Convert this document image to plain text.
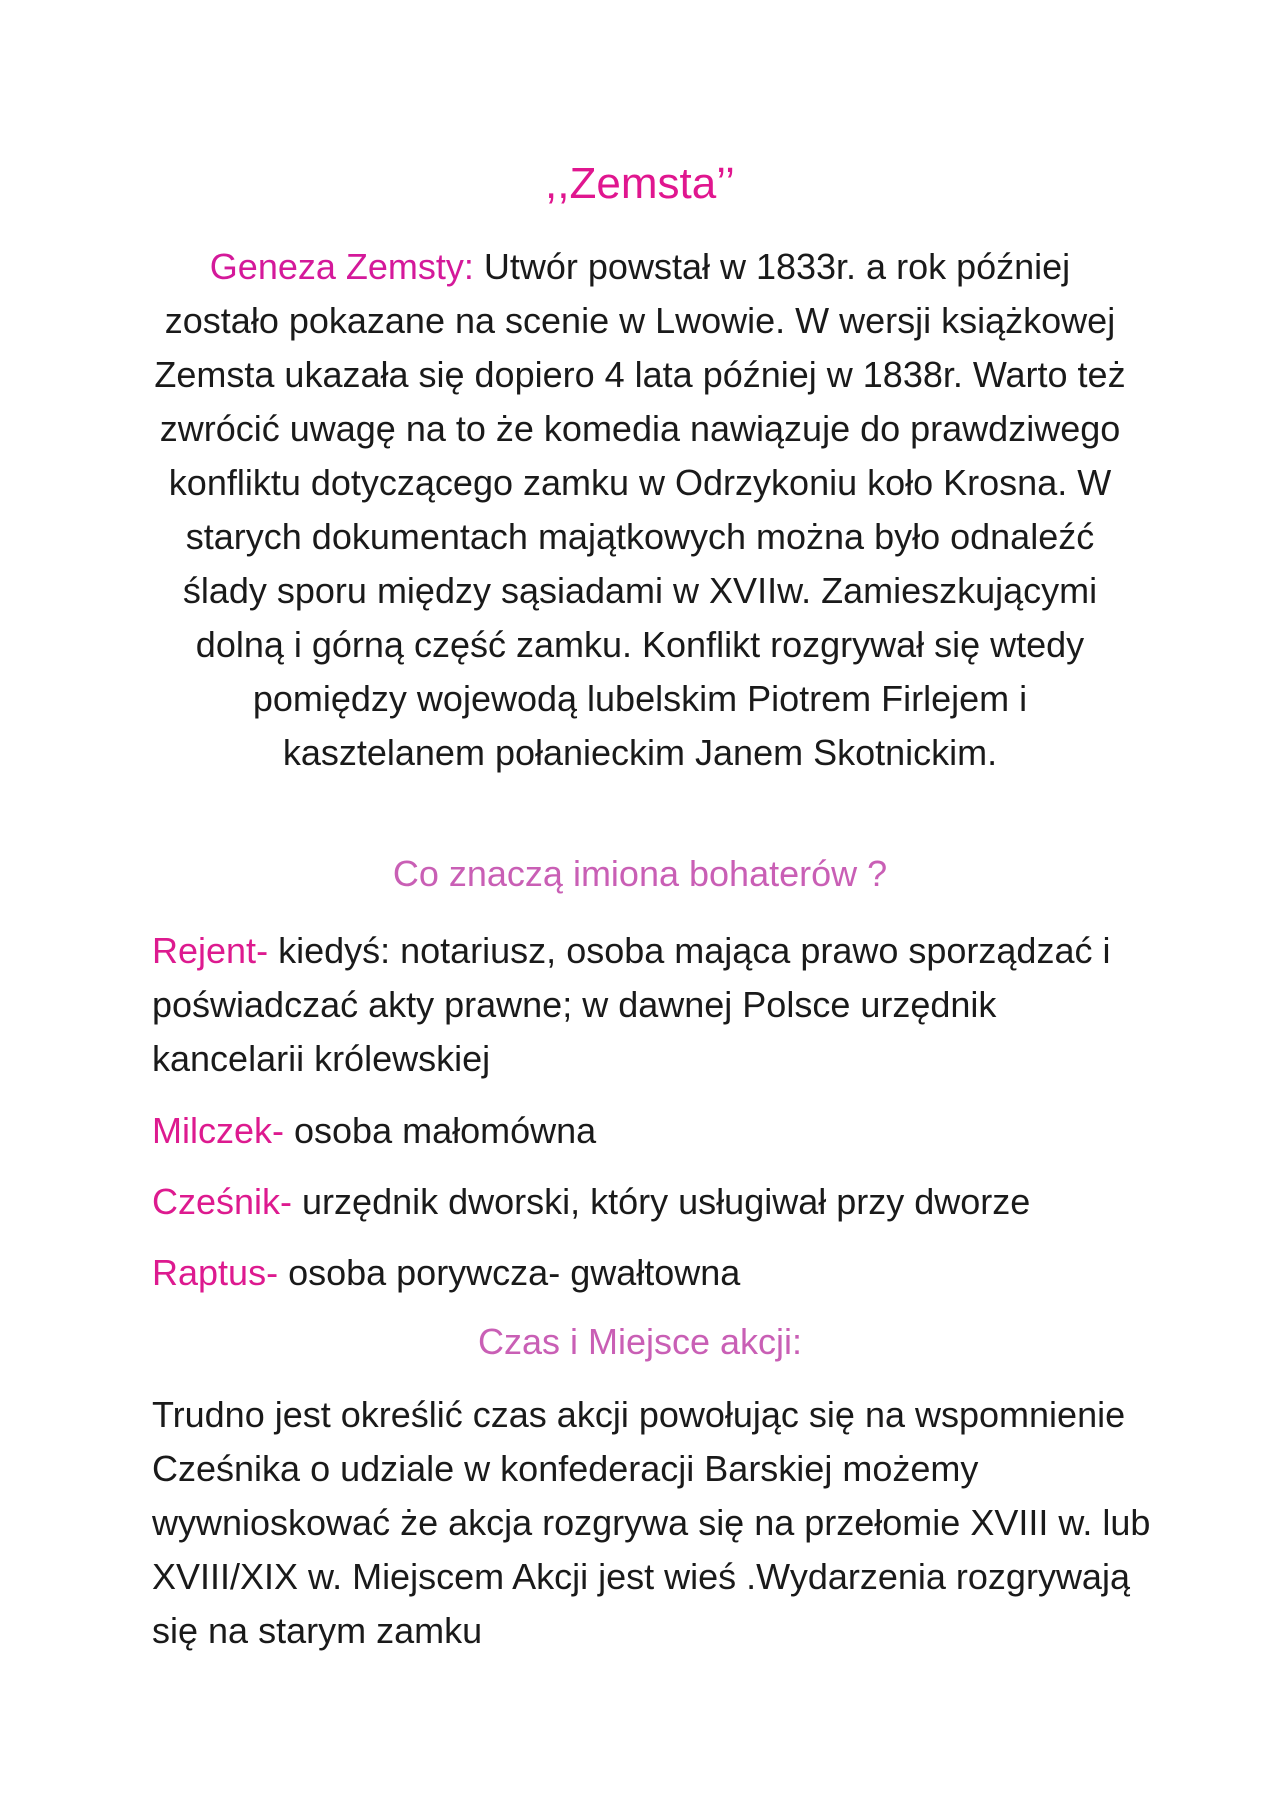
,,Zemsta’’

Geneza Zemsty: Utwór powstał w 1833r. a rok później zostało pokazane na scenie w Lwowie. W wersji książkowej Zemsta ukazała się dopiero 4 lata później w 1838r. Warto też zwrócić uwagę na to że komedia nawiązuje do prawdziwego konfliktu dotyczącego zamku w Odrzykoniu koło Krosna. W starych dokumentach majątkowych można było odnaleźć ślady sporu między sąsiadami w XVIIw. Zamieszkującymi dolną i górną część zamku. Konflikt rozgrywał się wtedy pomiędzy wojewodą lubelskim Piotrem Firlejem i kasztelanem połanieckim Janem Skotnickim.

Co znaczą imiona bohaterów ?

Rejent- kiedyś: notariusz, osoba mająca prawo sporządzać i poświadczać akty prawne; w dawnej Polsce urzędnik kancelarii królewskiej

Milczek- osoba małomówna

Cześnik- urzędnik dworski, który usługiwał przy dworze

Raptus- osoba porywcza- gwałtowna

Czas i Miejsce akcji:

Trudno jest określić czas akcji powołując się na wspomnienie Cześnika o udziale w konfederacji Barskiej możemy wywnioskować że akcja rozgrywa się na przełomie XVIII w. lub XVIII/XIX w. Miejscem Akcji jest wieś .Wydarzenia rozgrywają się na starym zamku
